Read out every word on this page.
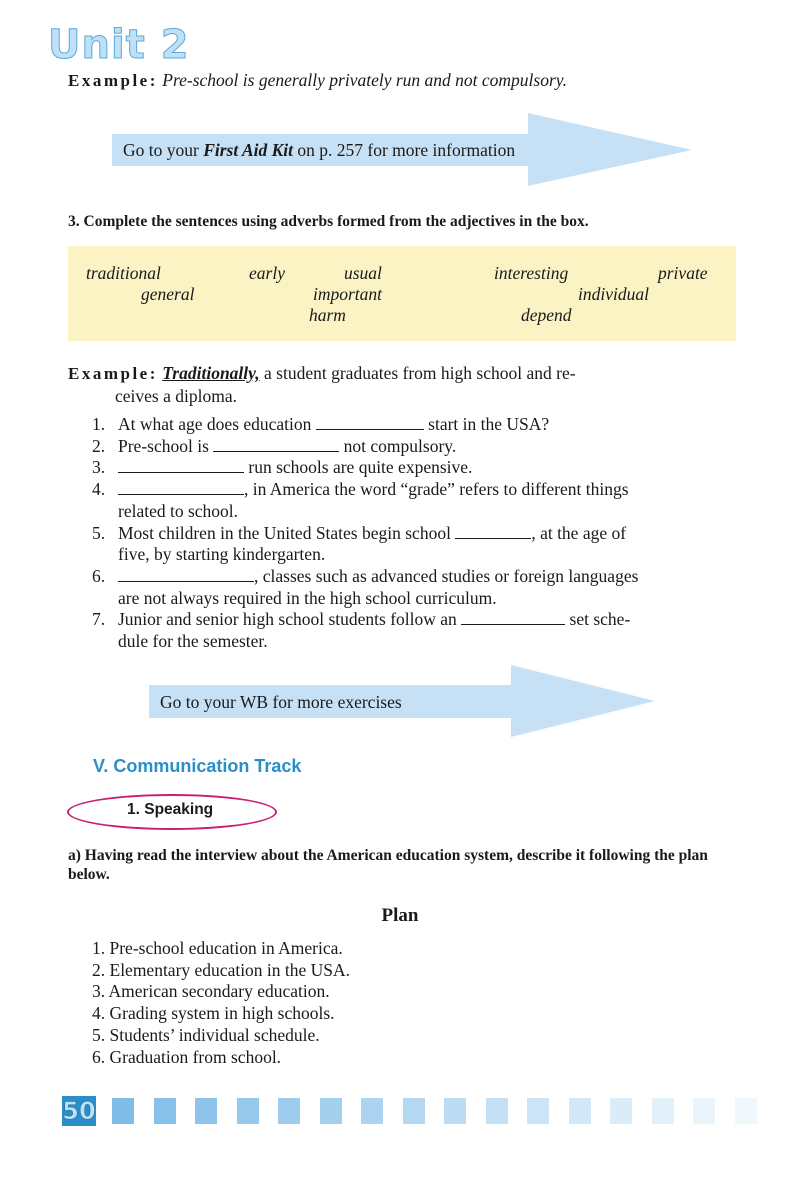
Unit 2
Example: Pre-school is generally privately run and not compulsory.
Go to your First Aid Kit on p. 257 for more information
3. Complete the sentences using adverbs formed from the adjectives in the box.
traditional	early	usual	interesting	private
general	important	individual
harm	depend
Example: Traditionally, a student graduates from high school and re-
ceives a diploma.
1. At what age does education	start in the USA?
2. Pre-school is	not compulsory.
3.	run schools are quite expensive.
4.	, in America the word “grade” refers to different things
related to school.
5. Most children in the United States begin school	, at the age of
five, by starting kindergarten.
6.	, classes such as advanced studies or foreign languages
are not always required in the high school curriculum.
7. Junior and senior high school students follow an	set sche-
dule for the semester.
Go to your WB for more exercises
V. Communication Track
1. Speaking
a) Having read the interview about the American education system, describe it following the plan below.
Plan
1. Pre-school education in America.
2. Elementary education in the USA.
3. American secondary education.
4. Grading system in high schools.
5. Students’ individual schedule.
6. Graduation from school.
50
